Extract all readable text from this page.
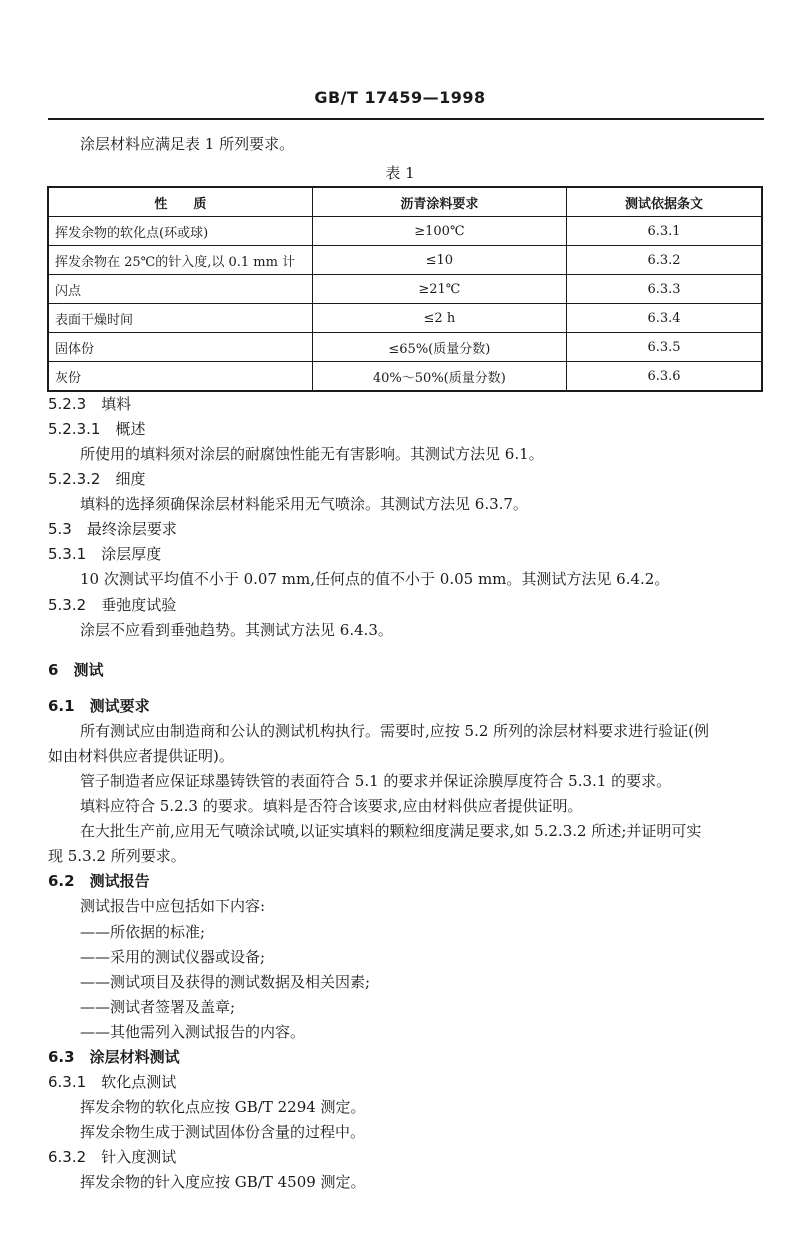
GB/T 17459—1998
涂层材料应满足表 1 所列要求。
表 1
性　　质	沥青涂料要求	测试依据条文
挥发余物的软化点(环或球)	≥100℃	6.3.1
挥发余物在 25℃的针入度,以 0.1 mm 计	≤10	6.3.2
闪点	≥21℃	6.3.3
表面干燥时间	≤2 h	6.3.4
固体份	≤65%(质量分数)	6.3.5
灰份	40%～50%(质量分数)	6.3.6
5.2.3　 填料
5.2.3.1　 概述
所使用的填料须对涂层的耐腐蚀性能无有害影响。其测试方法见 6.1。
5.2.3.2　 细度
填料的选择须确保涂层材料能采用无气喷涂。其测试方法见 6.3.7。
5.3　 最终涂层要求
5.3.1　 涂层厚度
10 次测试平均值不小于 0.07 mm,任何点的值不小于 0.05 mm。其测试方法见 6.4.2。
5.3.2　 垂弛度试验
涂层不应看到垂弛趋势。其测试方法见 6.4.3。
6　 测试
6.1　 测试要求
所有测试应由制造商和公认的测试机构执行。需要时,应按 5.2 所列的涂层材料要求进行验证(例
如由材料供应者提供证明)。
管子制造者应保证球墨铸铁管的表面符合 5.1 的要求并保证涂膜厚度符合 5.3.1 的要求。
填料应符合 5.2.3 的要求。填料是否符合该要求,应由材料供应者提供证明。
在大批生产前,应用无气喷涂试喷,以证实填料的颗粒细度满足要求,如 5.2.3.2 所述;并证明可实
现 5.3.2 所列要求。
6.2　 测试报告
测试报告中应包括如下内容:
——所依据的标准;
——采用的测试仪器或设备;
——测试项目及获得的测试数据及相关因素;
——测试者签署及盖章;
——其他需列入测试报告的内容。
6.3　 涂层材料测试
6.3.1　 软化点测试
挥发余物的软化点应按 GB/T 2294 测定。
挥发余物生成于测试固体份含量的过程中。
6.3.2　 针入度测试
挥发余物的针入度应按 GB/T 4509 测定。
